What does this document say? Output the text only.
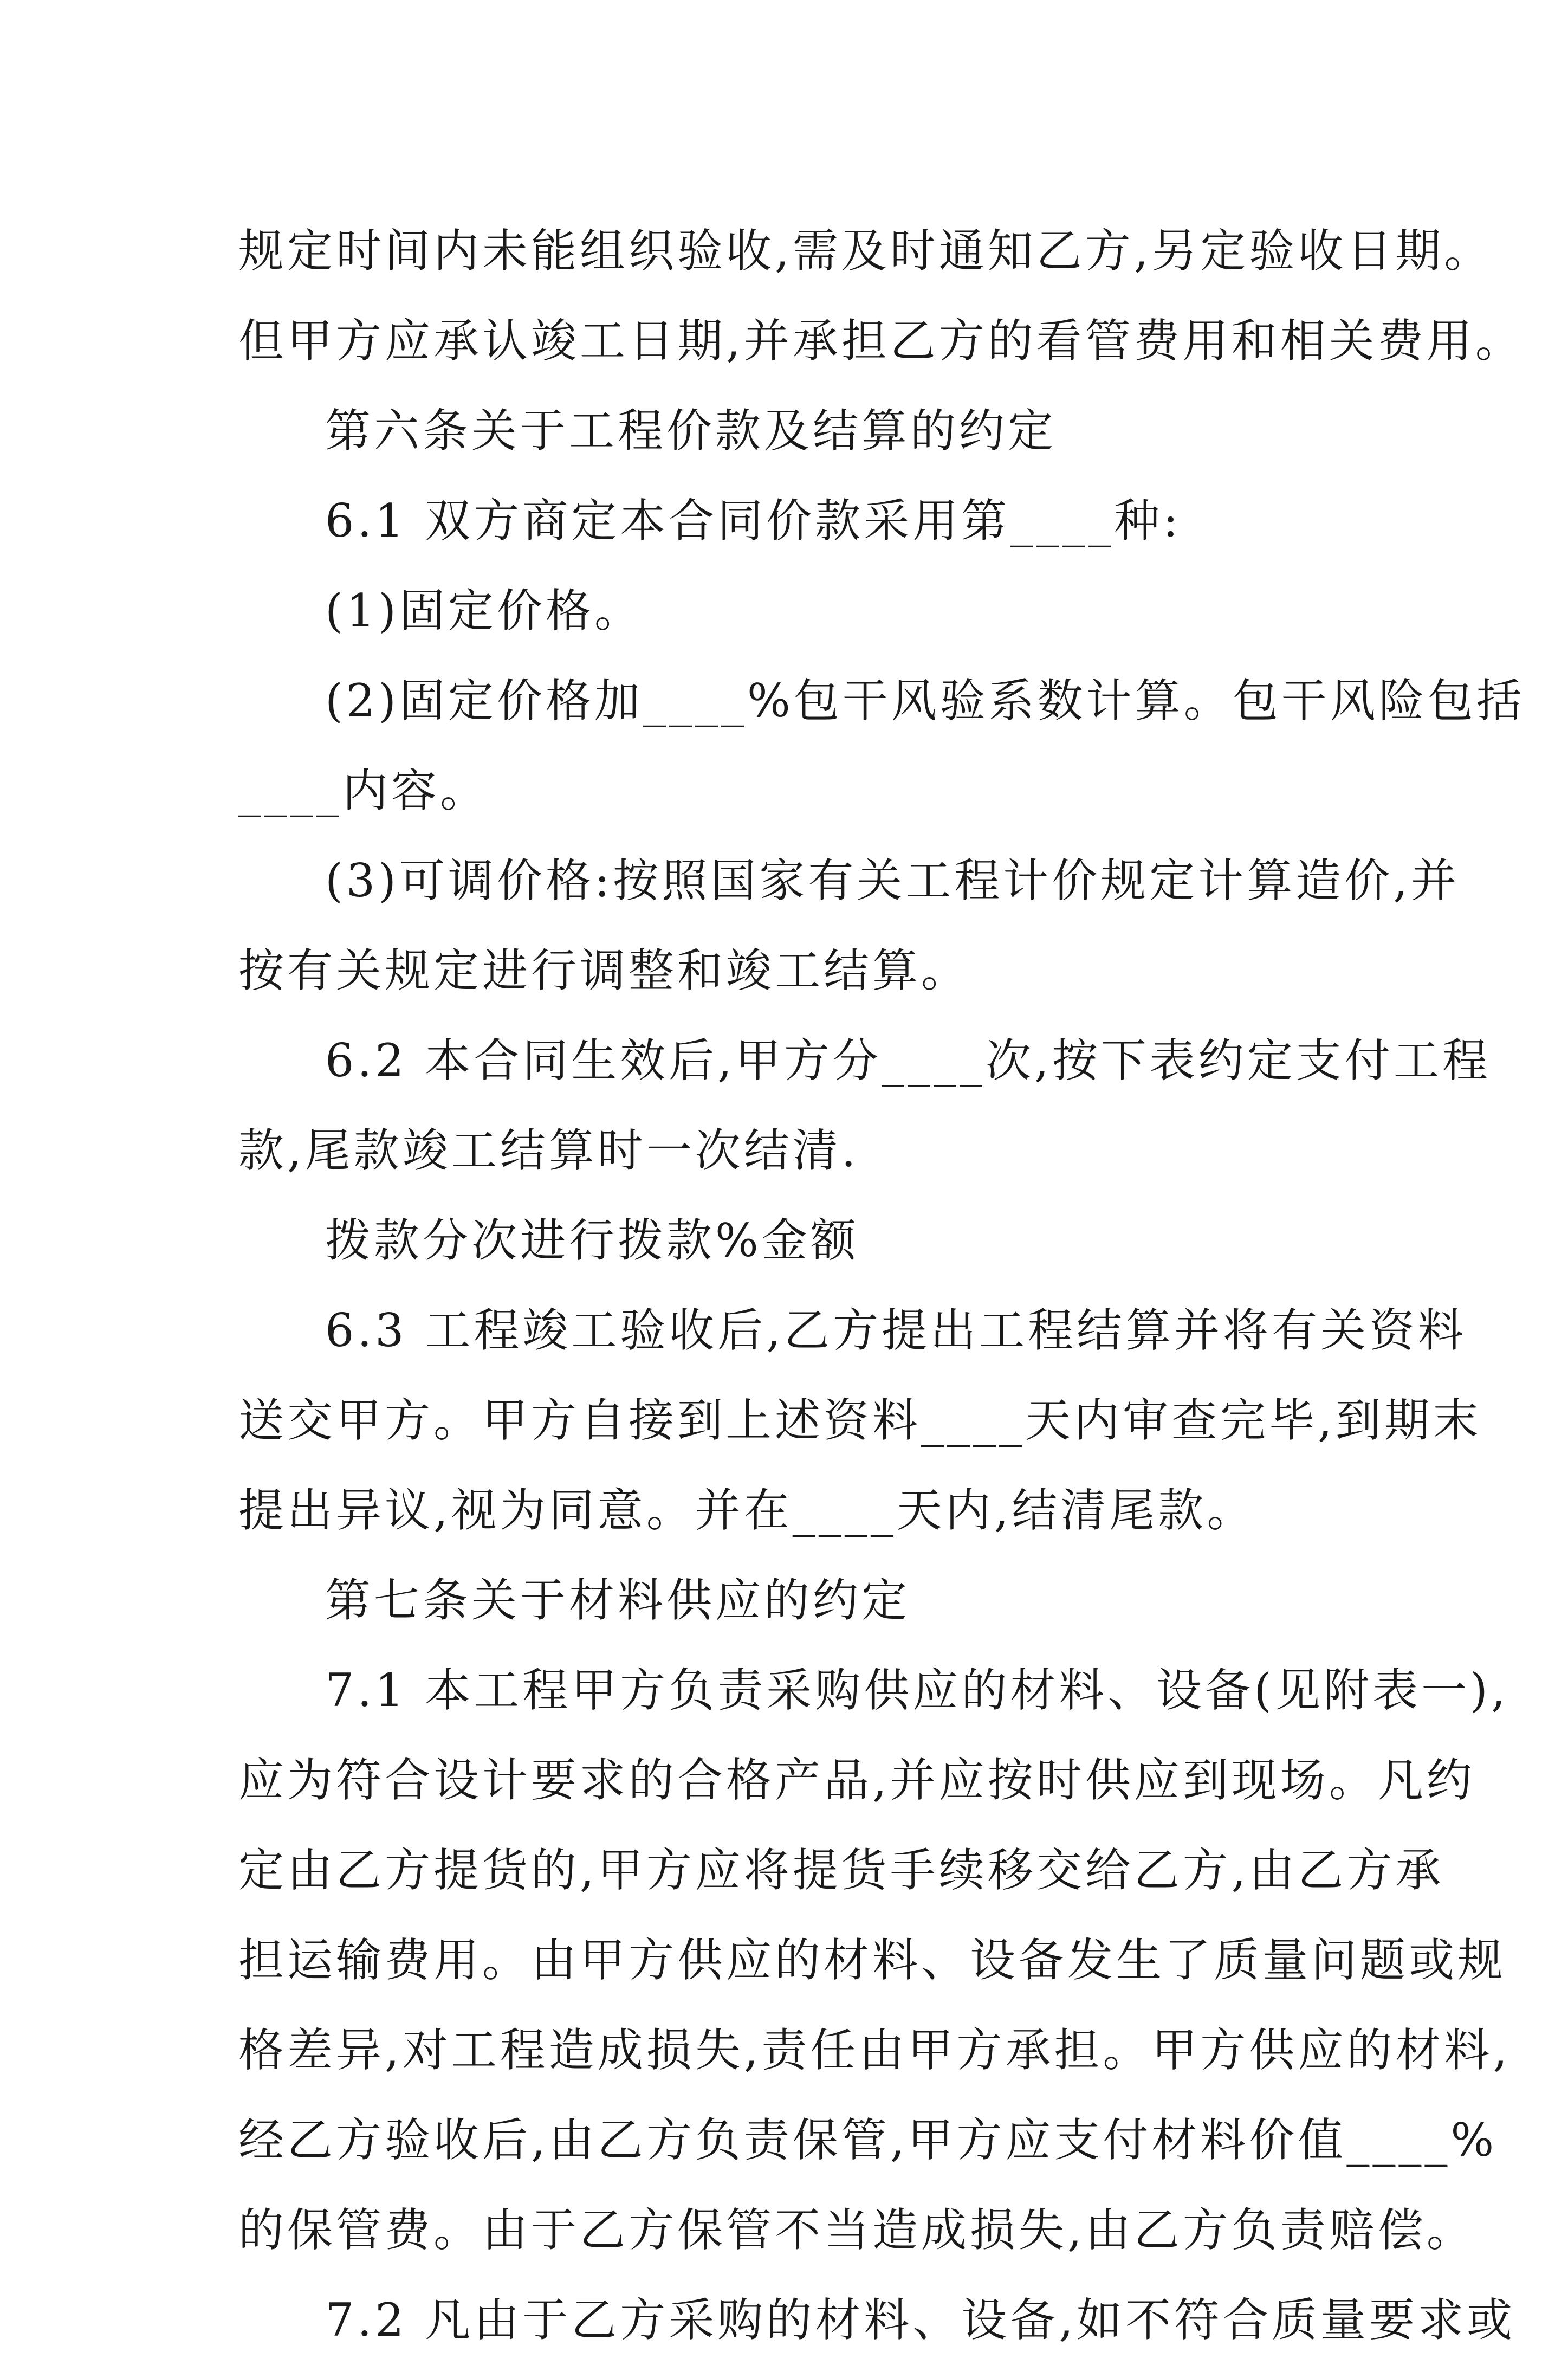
规定时间内未能组织验收,需及时通知乙方,另定验收日期。
但甲方应承认竣工日期,并承担乙方的看管费用和相关费用。
第六条关于工程价款及结算的约定
6.1 双方商定本合同价款采用第____种:
(1)固定价格。
(2)固定价格加____%包干风验系数计算。包干风险包括
____内容。
(3)可调价格:按照国家有关工程计价规定计算造价,并
按有关规定进行调整和竣工结算。
6.2 本合同生效后,甲方分____次,按下表约定支付工程
款,尾款竣工结算时一次结清.
拨款分次进行拨款%金额
6.3 工程竣工验收后,乙方提出工程结算并将有关资料
送交甲方。甲方自接到上述资料____天内审查完毕,到期末
提出异议,视为同意。并在____天内,结清尾款。
第七条关于材料供应的约定
7.1 本工程甲方负责采购供应的材料、设备(见附表一),
应为符合设计要求的合格产品,并应按时供应到现场。凡约
定由乙方提货的,甲方应将提货手续移交给乙方,由乙方承
担运输费用。由甲方供应的材料、设备发生了质量问题或规
格差异,对工程造成损失,责任由甲方承担。甲方供应的材料,
经乙方验收后,由乙方负责保管,甲方应支付材料价值____%
的保管费。由于乙方保管不当造成损失,由乙方负责赔偿。
7.2 凡由于乙方采购的材料、设备,如不符合质量要求或
